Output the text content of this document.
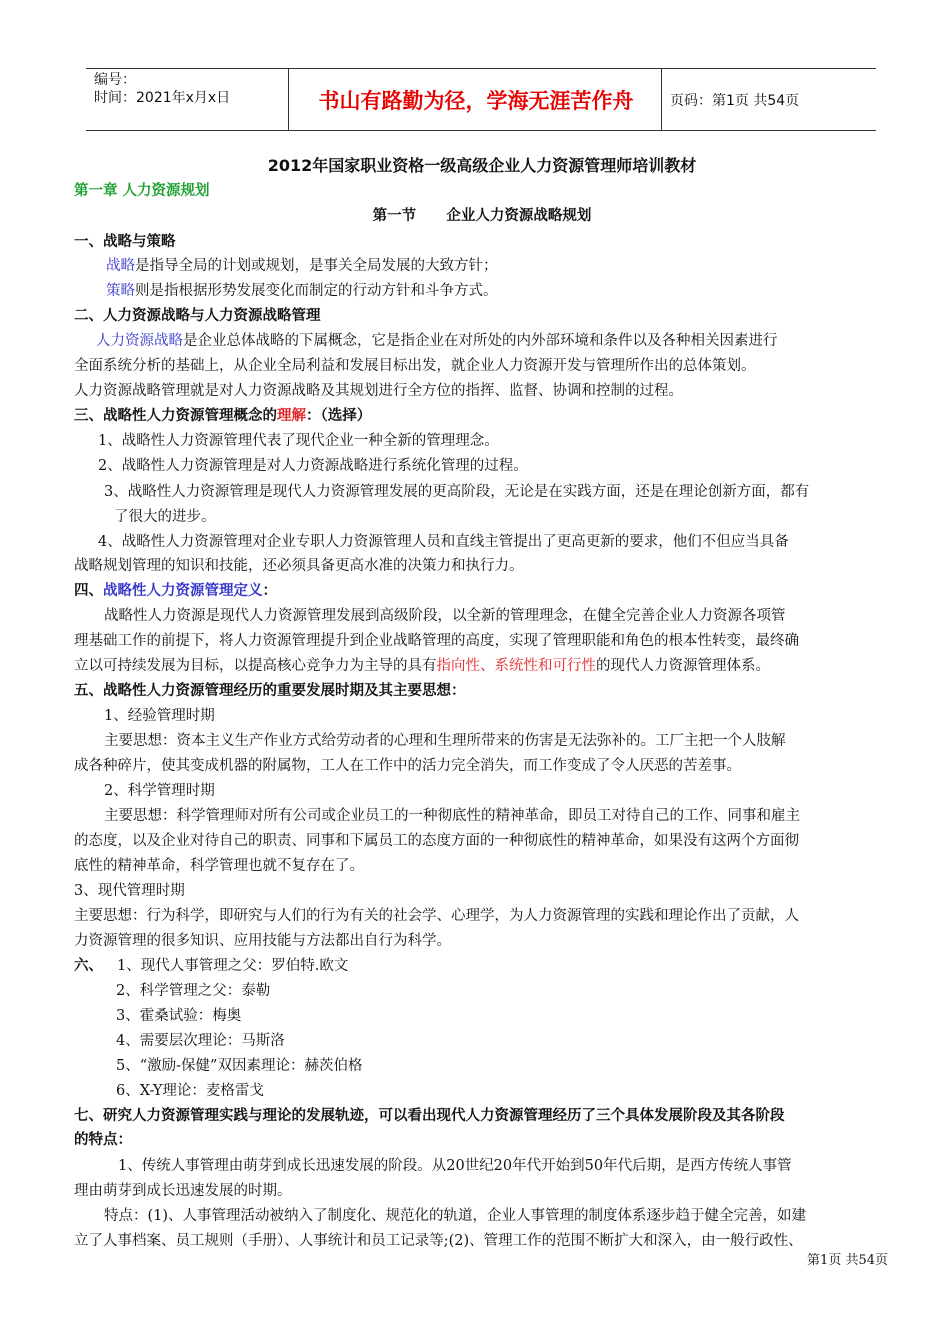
编号：
时间：2021年x月x日	书山有路勤为径，学海无涯苦作舟	页码：第1页 共54页
2012年国家职业资格一级高级企业人力资源管理师培训教材
第一章 人力资源规划
第一节      企业人力资源战略规划
一、战略与策略
战略是指导全局的计划或规划，是事关全局发展的大致方针；
策略则是指根据形势发展变化而制定的行动方针和斗争方式。
二、人力资源战略与人力资源战略管理
人力资源战略是企业总体战略的下属概念，它是指企业在对所处的内外部环境和条件以及各种相关因素进行
全面系统分析的基础上，从企业全局利益和发展目标出发，就企业人力资源开发与管理所作出的总体策划。
人力资源战略管理就是对人力资源战略及其规划进行全方位的指挥、监督、协调和控制的过程。
三、战略性人力资源管理概念的理解：（选择）
1、战略性人力资源管理代表了现代企业一种全新的管理理念。
2、战略性人力资源管理是对人力资源战略进行系统化管理的过程。
3、战略性人力资源管理是现代人力资源管理发展的更高阶段，无论是在实践方面，还是在理论创新方面，都有
了很大的进步。
4、战略性人力资源管理对企业专职人力资源管理人员和直线主管提出了更高更新的要求，他们不但应当具备
战略规划管理的知识和技能，还必须具备更高水准的决策力和执行力。
四、战略性人力资源管理定义：
战略性人力资源是现代人力资源管理发展到高级阶段，以全新的管理理念，在健全完善企业人力资源各项管
理基础工作的前提下，将人力资源管理提升到企业战略管理的高度，实现了管理职能和角色的根本性转变，最终确
立以可持续发展为目标，以提高核心竞争力为主导的具有指向性、系统性和可行性的现代人力资源管理体系。
五、战略性人力资源管理经历的重要发展时期及其主要思想：
1、经验管理时期
主要思想：资本主义生产作业方式给劳动者的心理和生理所带来的伤害是无法弥补的。工厂主把一个人肢解
成各种碎片，使其变成机器的附属物，工人在工作中的活力完全消失，而工作变成了令人厌恶的苦差事。
2、科学管理时期
主要思想：科学管理师对所有公司或企业员工的一种彻底性的精神革命，即员工对待自己的工作、同事和雇主
的态度，以及企业对待自己的职责、同事和下属员工的态度方面的一种彻底性的精神革命，如果没有这两个方面彻
底性的精神革命，科学管理也就不复存在了。
3、现代管理时期
主要思想：行为科学，即研究与人们的行为有关的社会学、心理学，为人力资源管理的实践和理论作出了贡献，人
力资源管理的很多知识、应用技能与方法都出自行为科学。
六、 1、现代人事管理之父：罗伯特.欧文
2、科学管理之父：泰勒
3、霍桑试验：梅奥
4、需要层次理论：马斯洛
5、“激励-保健”双因素理论：赫茨伯格
6、X-Y理论：麦格雷戈
七、研究人力资源管理实践与理论的发展轨迹，可以看出现代人力资源管理经历了三个具体发展阶段及其各阶段
的特点：
1、传统人事管理由萌芽到成长迅速发展的阶段。从20世纪20年代开始到50年代后期，是西方传统人事管
理由萌芽到成长迅速发展的时期。
特点：(1)、人事管理活动被纳入了制度化、规范化的轨道，企业人事管理的制度体系逐步趋于健全完善，如建
立了人事档案、员工规则（手册）、人事统计和员工记录等;(2)、管理工作的范围不断扩大和深入，由一般行政性、
第1页 共54页
